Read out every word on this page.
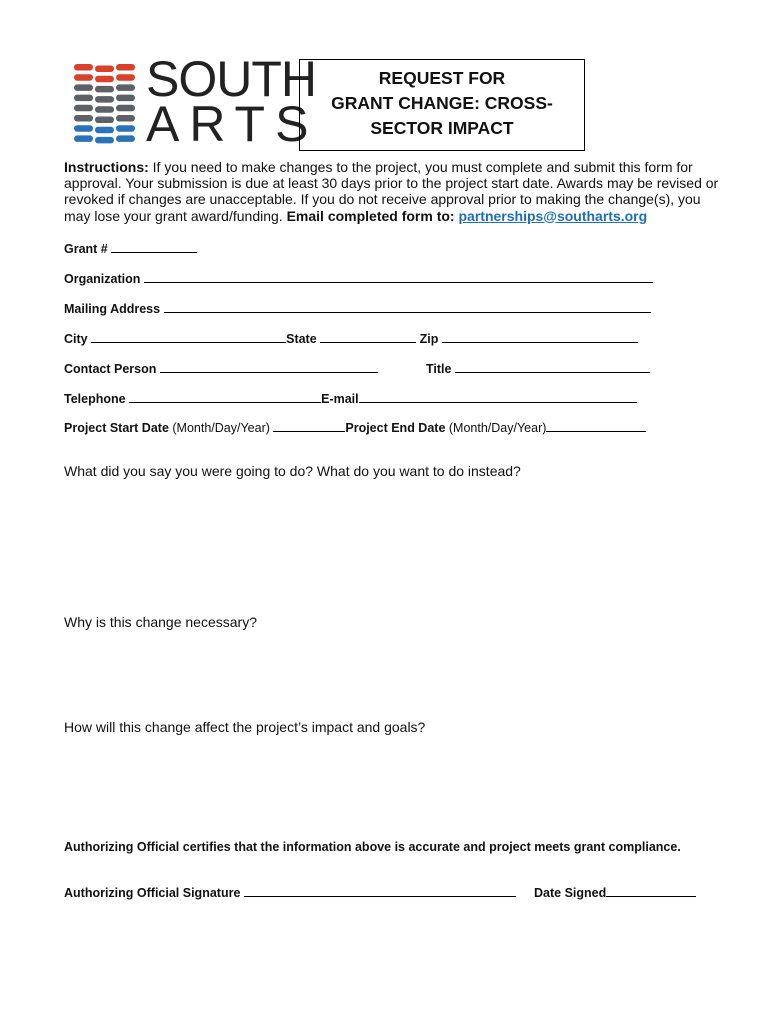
SOUTH
ARTS
REQUEST FOR
GRANT CHANGE: CROSS-
SECTOR IMPACT
Instructions: If you need to make changes to the project, you must complete and submit this form for approval. Your submission is due at least 30 days prior to the project start date. Awards may be revised or revoked if changes are unacceptable. If you do not receive approval prior to making the change(s), you may lose your grant award/funding. Email completed form to: partnerships@southarts.org
Grant #
Organization
Mailing Address
City	State	Zip
Contact Person	Title
Telephone	E-mail
Project Start Date (Month/Day/Year)	Project End Date (Month/Day/Year)
What did you say you were going to do? What do you want to do instead?
Why is this change necessary?
How will this change affect the project’s impact and goals?
Authorizing Official certifies that the information above is accurate and project meets grant compliance.
Authorizing Official Signature	Date Signed
